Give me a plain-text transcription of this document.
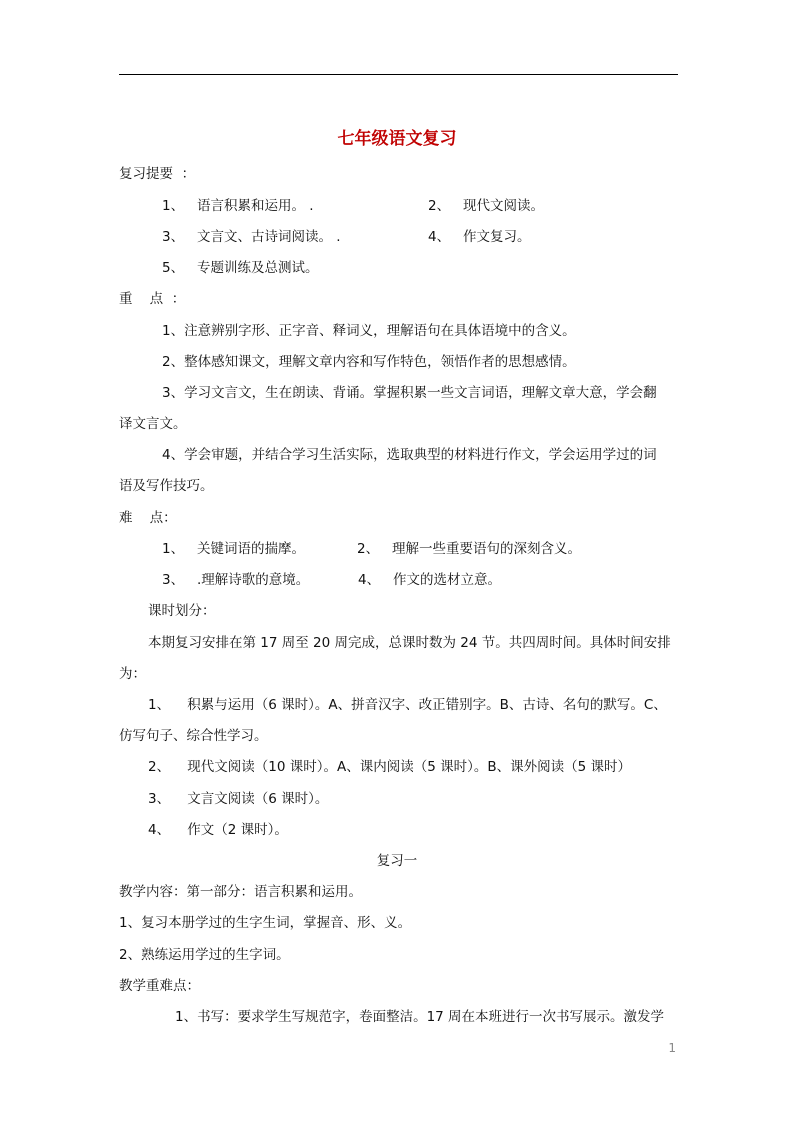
七年级语文复习
复习提要  ：
1、 语言积累和运用。 .	2、 现代文阅读。
3、 文言文、古诗词阅读。 .	4、 作文复习。
5、 专题训练及总测试。
重    点  ：
1、注意辨别字形、正字音、释词义，理解语句在具体语境中的含义。
2、整体感知课文，理解文章内容和写作特色，领悟作者的思想感情。
3、学习文言文，生在朗读、背诵。掌握积累一些文言词语，理解文章大意，学会翻
译文言文。
4、学会审题，并结合学习生活实际，选取典型的材料进行作文，学会运用学过的词
语及写作技巧。
难    点：
1、 关键词语的揣摩。	2、 理解一些重要语句的深刻含义。
3、 .理解诗歌的意境。	4、 作文的选材立意。
课时划分：
本期复习安排在第 17 周至 20 周完成，总课时数为 24 节。共四周时间。具体时间安排
为：
1、 积累与运用（6 课时）。A、拼音汉字、改正错别字。B、古诗、名句的默写。C、
仿写句子、综合性学习。
2、 现代文阅读（10 课时）。A、课内阅读（5 课时）。B、课外阅读（5 课时）
3、 文言文阅读（6 课时）。
4、 作文（2 课时）。
复习一
教学内容：第一部分：语言积累和运用。
1、复习本册学过的生字生词，掌握音、形、义。
2、熟练运用学过的生字词。
教学重难点：
1、书写：要求学生写规范字，卷面整洁。17 周在本班进行一次书写展示。激发学
1
